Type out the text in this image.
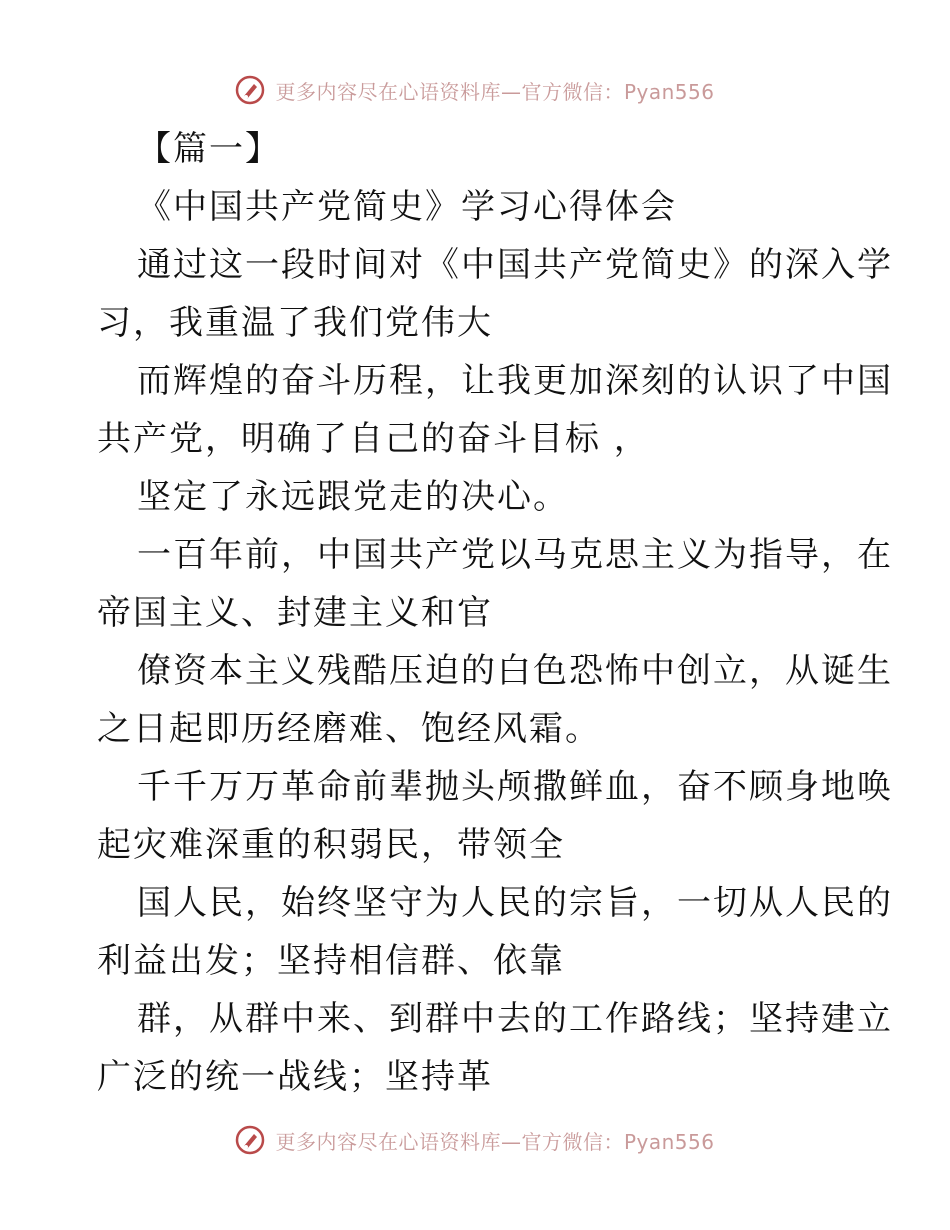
更多内容尽在心语资料库—官方微信：Pyan556
【篇一】
《中国共产党简史》学习心得体会
通过这一段时间对《中国共产党简史》的深入学
习，我重温了我们党伟大
而辉煌的奋斗历程，让我更加深刻的认识了中国
共产党，明确了自己的奋斗目标 ，
坚定了永远跟党走的决心。
一百年前，中国共产党以马克思主义为指导，在
帝国主义、封建主义和官
僚资本主义残酷压迫的白色恐怖中创立，从诞生
之日起即历经磨难、饱经风霜。
千千万万革命前辈抛头颅撒鲜血，奋不顾身地唤
起灾难深重的积弱民，带领全
国人民，始终坚守为人民的宗旨，一切从人民的
利益出发；坚持相信群、依靠
群，从群中来、到群中去的工作路线；坚持建立
广泛的统一战线；坚持革
更多内容尽在心语资料库—官方微信：Pyan556
